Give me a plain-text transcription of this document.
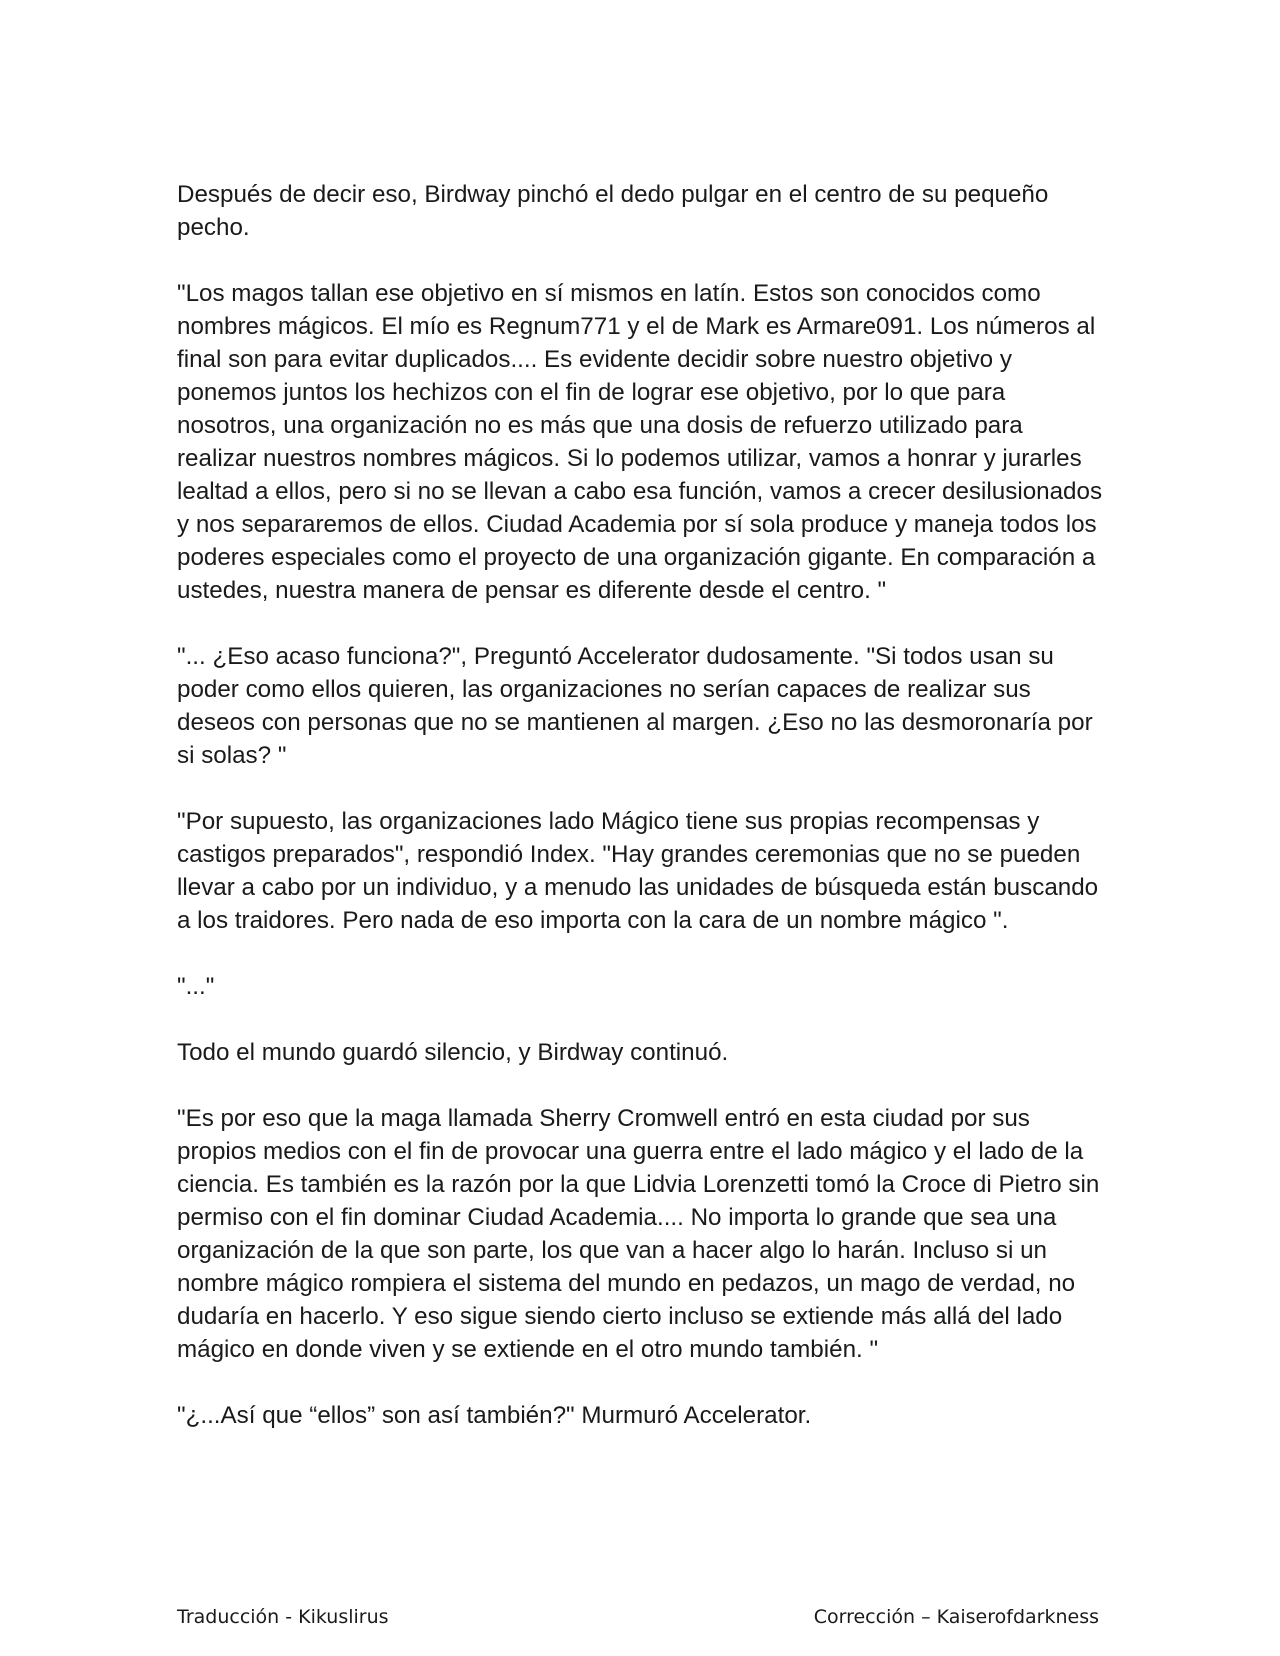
Después de decir eso, Birdway pinchó el dedo pulgar en el centro de su pequeño pecho.

"Los magos tallan ese objetivo en sí mismos en latín. Estos son conocidos como nombres mágicos. El mío es Regnum771 y el de Mark es Armare091. Los números al final son para evitar duplicados.... Es evidente decidir sobre nuestro objetivo y ponemos juntos los hechizos con el fin de lograr ese objetivo, por lo que para nosotros, una organización no es más que una dosis de refuerzo utilizado para realizar nuestros nombres mágicos. Si lo podemos utilizar, vamos a honrar y jurarles lealtad a ellos, pero si no se llevan a cabo esa función, vamos a crecer desilusionados y nos separaremos de ellos. Ciudad Academia por sí sola produce y maneja todos los poderes especiales como el proyecto de una organización gigante. En comparación a ustedes, nuestra manera de pensar es diferente desde el centro. "

"... ¿Eso acaso funciona?", Preguntó Accelerator dudosamente. "Si todos usan su poder como ellos quieren, las organizaciones no serían capaces de realizar sus deseos con personas que no se mantienen al margen. ¿Eso no las desmoronaría por si solas? "

"Por supuesto, las organizaciones lado Mágico tiene sus propias recompensas y castigos preparados", respondió Index. "Hay grandes ceremonias que no se pueden llevar a cabo por un individuo, y a menudo las unidades de búsqueda están buscando a los traidores. Pero nada de eso importa con la cara de un nombre mágico ".

"..."

Todo el mundo guardó silencio, y Birdway continuó.

"Es por eso que la maga llamada Sherry Cromwell entró en esta ciudad por sus propios medios con el fin de provocar una guerra entre el lado mágico y el lado de la ciencia. Es también es la razón por la que Lidvia Lorenzetti tomó la Croce di Pietro sin permiso con el fin dominar Ciudad Academia.... No importa lo grande que sea una organización de la que son parte, los que van a hacer algo lo harán. Incluso si un nombre mágico rompiera el sistema del mundo en pedazos, un mago de verdad, no dudaría en hacerlo. Y eso sigue siendo cierto incluso se extiende más allá del lado mágico en donde viven y se extiende en el otro mundo también. "

"¿...Así que “ellos” son así también?" Murmuró Accelerator.

Traducción - Kikuslirus	Corrección – Kaiserofdarkness
